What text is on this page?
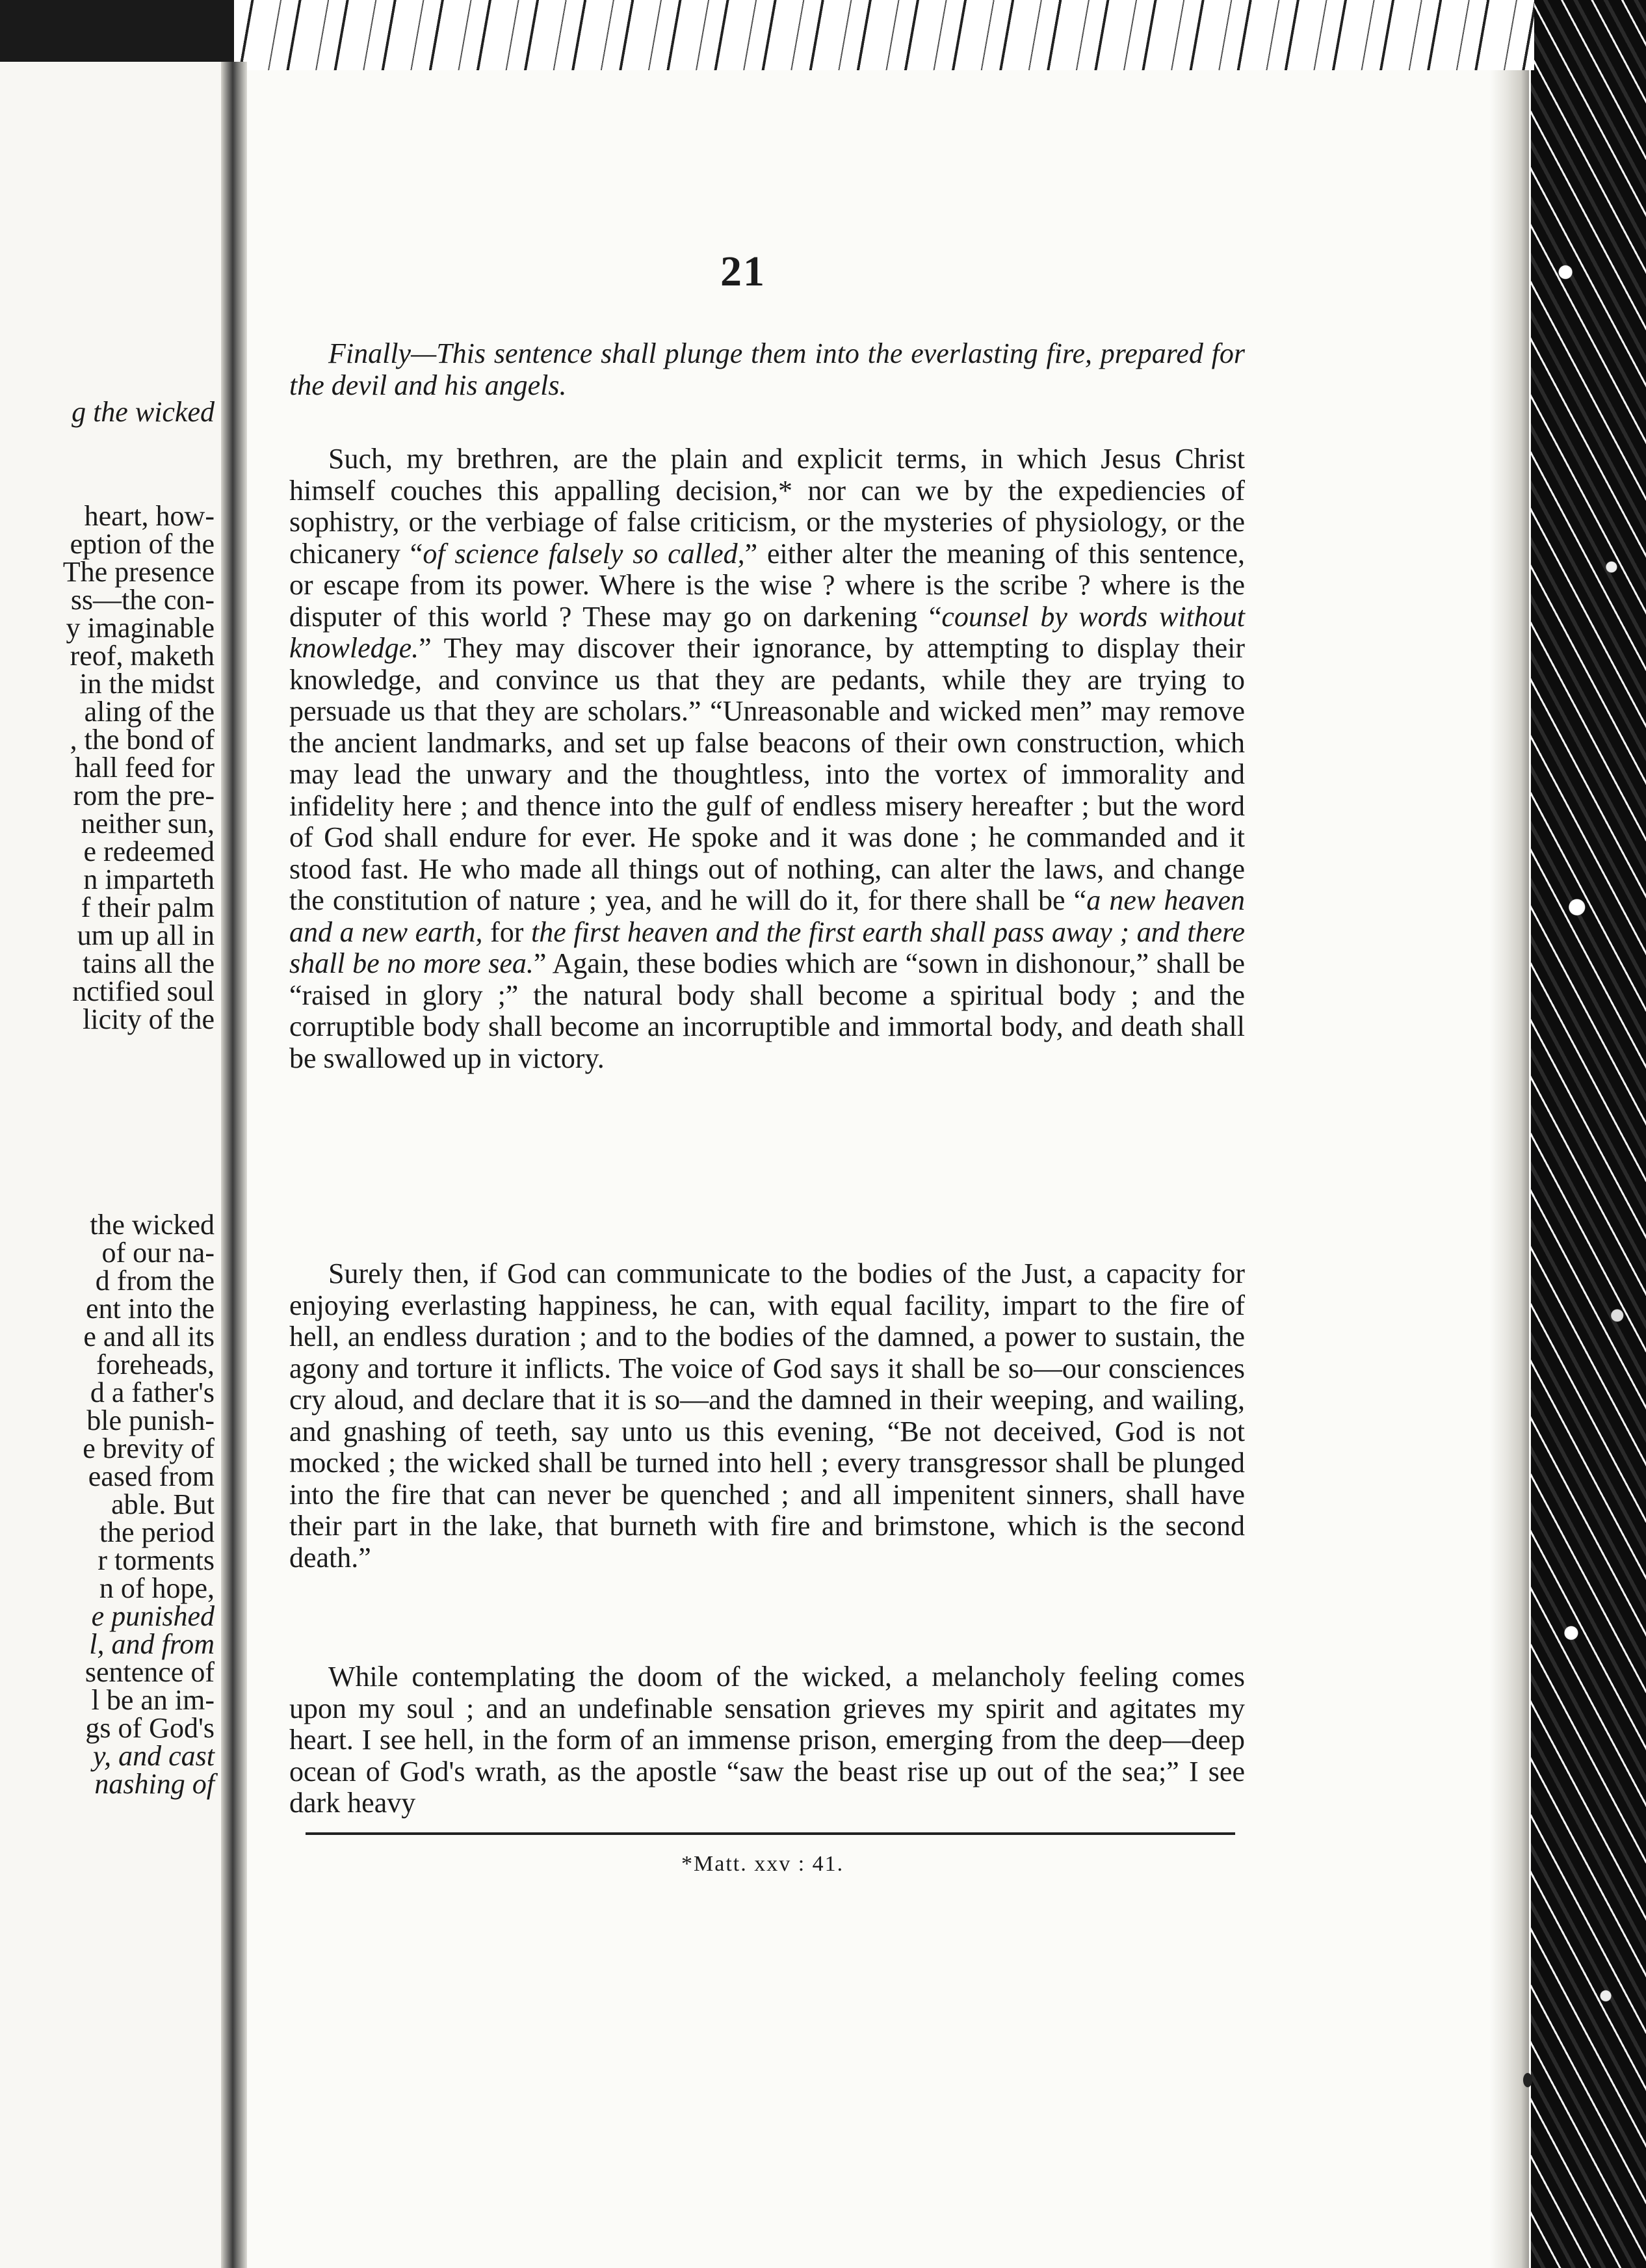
g the wicked
heart, how-
eption of the
The presence
ss—the con-
y imaginable
reof, maketh
in the midst
aling of the
, the bond of
hall feed for
rom the pre-
neither sun,
e redeemed
n imparteth
f their palm
um up all in
tains all the
nctified soul
licity of the
the wicked
of our na-
d from the
ent into the
e and all its
foreheads,
d a father's
ble punish-
e brevity of
eased from
able. But
the period
r torments
n of hope,
e punished
l, and from
sentence of
l be an im-
gs of God's
y, and cast
nashing of
21

Finally—This sentence shall plunge them into the everlasting fire, prepared for the devil and his angels.

Such, my brethren, are the plain and explicit terms, in which Jesus Christ himself couches this appalling decision,* nor can we by the expediencies of sophistry, or the verbiage of false criticism, or the mysteries of physiology, or the chicanery “of science falsely so called,” either alter the meaning of this sentence, or escape from its power. Where is the wise ? where is the scribe ? where is the disputer of this world ? These may go on darkening “counsel by words without knowledge.” They may discover their ignorance, by attempting to display their knowledge, and convince us that they are pedants, while they are trying to persuade us that they are scholars.” “Unreasonable and wicked men” may remove the ancient landmarks, and set up false beacons of their own construction, which may lead the unwary and the thoughtless, into the vortex of immorality and infidelity here ; and thence into the gulf of endless misery hereafter ; but the word of God shall endure for ever. He spoke and it was done ; he commanded and it stood fast. He who made all things out of nothing, can alter the laws, and change the constitution of nature ; yea, and he will do it, for there shall be “a new heaven and a new earth, for the first heaven and the first earth shall pass away ; and there shall be no more sea.” Again, these bodies which are “sown in dishonour,” shall be “raised in glory ;” the natural body shall become a spiritual body ; and the corruptible body shall become an incorruptible and immortal body, and death shall be swallowed up in victory.

Surely then, if God can communicate to the bodies of the Just, a capacity for enjoying everlasting happiness, he can, with equal facility, impart to the fire of hell, an endless duration ; and to the bodies of the damned, a power to sustain, the agony and torture it inflicts. The voice of God says it shall be so—our consciences cry aloud, and declare that it is so—and the damned in their weeping, and wailing, and gnashing of teeth, say unto us this evening, “Be not deceived, God is not mocked ; the wicked shall be turned into hell ; every transgressor shall be plunged into the fire that can never be quenched ; and all impenitent sinners, shall have their part in the lake, that burneth with fire and brimstone, which is the second death.”

While contemplating the doom of the wicked, a melancholy feeling comes upon my soul ; and an undefinable sensation grieves my spirit and agitates my heart. I see hell, in the form of an immense prison, emerging from the deep—deep ocean of God's wrath, as the apostle “saw the beast rise up out of the sea;” I see dark heavy

*Matt. xxv : 41.
